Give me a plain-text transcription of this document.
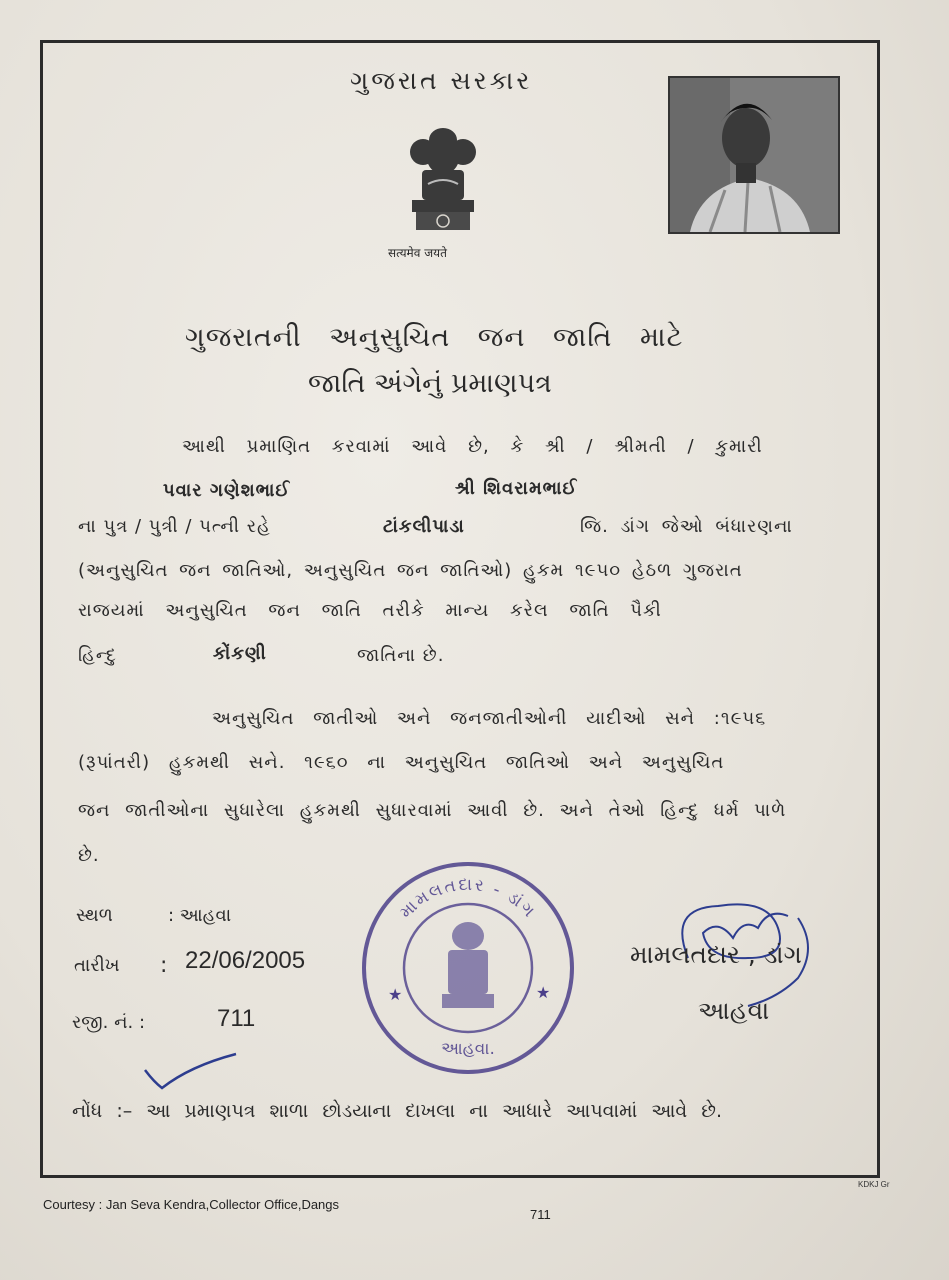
ગુજરાત સરકાર
सत्यमेव जयते
ગુજરાતની અનુસુચિત જન જાતિ માટે
જાતિ અંગેનું પ્રમાણપત્ર
આથી પ્રમાણિત કરવામાં આવે છે, કે શ્રી / શ્રીમતી / કુમારી
પવાર ગણેશભાઈ	શ્રી શિવરામભાઈ
ના પુત્ર / પુત્રી / પત્ની રહે	ટાંકલીપાડા	જિ. ડાંગ જેઓ બંધારણના
(અનુસુચિત જન જાતિઓ, અનુસુચિત જન જાતિઓ) હુકમ ૧૯૫૦ હેઠળ ગુજરાત
રાજયમાં અનુસુચિત જન જાતિ તરીકે માન્ય કરેલ જાતિ પૈકી
હિન્દુ	કોંકણી	જાતિના છે.
અનુસુચિત જાતીઓ અને જનજાતીઓની યાદીઓ સને :૧૯૫૬
(રૂપાંતરી) હુકમથી સને. ૧૯૬૦ ના અનુસુચિત જાતિઓ અને અનુસુચિત
જન જાતીઓના સુધારેલા હુકમથી સુધારવામાં આવી છે. અને તેઓ હિન્દુ ધર્મ પાળે
છે.
સ્થળ	: આહવા
તારીખ : 22/06/2005
રજી. નં. :	711
મામલતદાર - ડાંગ
આહવા.
★	★
મામલતદાર , ડાંગ
આહવા
નોંધ :– આ પ્રમાણપત્ર શાળા છોડયાના દાખલા ના આધારે આપવામાં આવે છે.
KDKJ Gr
Courtesy : Jan Seva Kendra,Collector Office,Dangs
711
